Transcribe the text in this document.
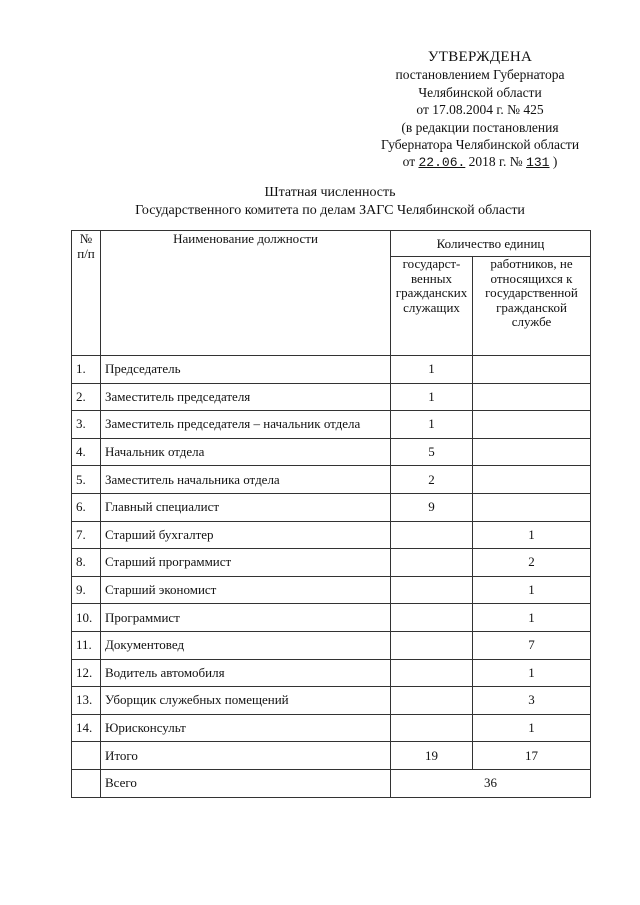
УТВЕРЖДЕНА
постановлением Губернатора
Челябинской области
от 17.08.2004 г. № 425
(в редакции постановления
Губернатора Челябинской области
от 22.06. 2018 г. № 131 )
Штатная численность
Государственного комитета по делам ЗАГС Челябинской области
№ п/п	Наименование должности	Количество единиц	
		государст-венных гражданских служащих	работников, не относящихся к государственной гражданской службе
1.	Председатель	1	
2.	Заместитель председателя	1	
3.	Заместитель председателя – начальник отдела	1	
4.	Начальник отдела	5	
5.	Заместитель начальника отдела	2	
6.	Главный специалист	9	
7.	Старший бухгалтер		1
8.	Старший программист		2
9.	Старший экономист		1
10.	Программист		1
11.	Документовед		7
12.	Водитель автомобиля		1
13.	Уборщик служебных помещений		3
14.	Юрисконсульт		1
	Итого	19	17
	Всего	36	
